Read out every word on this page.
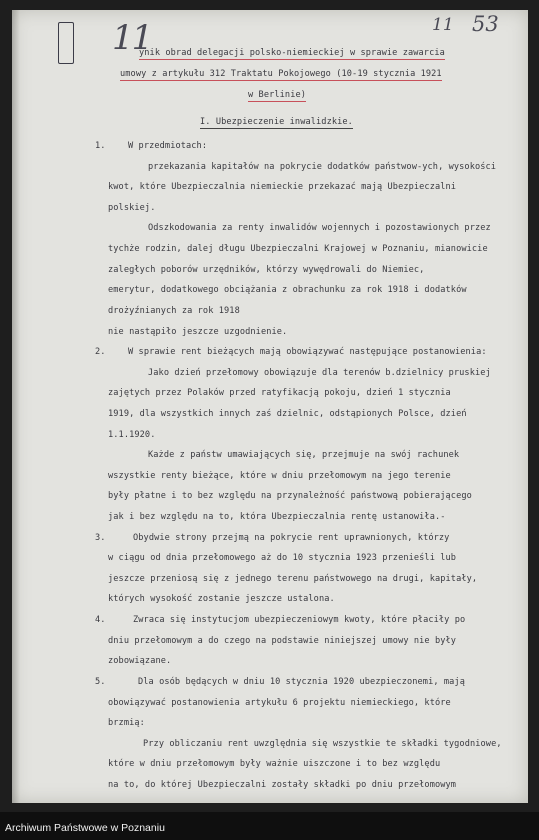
11	11 53
ynik obrad delegacji polsko-niemieckiej w sprawie zawarcia
umowy z artykułu 312 Traktatu Pokojowego (10-19 stycznia 1921
w Berlinie)
I. Ubezpieczenie inwalidzkie.
W przedmiotach:
przekazania kapitałów na pokrycie dodatków państwow-ych, wysokości
kwot, które Ubezpieczalnia niemieckie przekazać mają Ubezpieczalni
polskiej.
Odszkodowania za renty inwalidów wojennych i pozostawionych przez
tychże rodzin, dalej długu Ubezpieczalni Krajowej w Poznaniu, mianowicie
zaległych poborów urzędników, którzy wywędrowali do Niemiec,
emerytur, dodatkowego obciążania z obrachunku za rok 1918 i dodatków
drożyźnianych za rok 1918
nie nastąpiło jeszcze uzgodnienie.
W sprawie rent bieżących mają obowiązywać następujące postanowienia:
Jako dzień przełomowy obowiązuje dla terenów b.dzielnicy pruskiej
zajętych przez Polaków przed ratyfikacją pokoju, dzień 1 stycznia
1919, dla wszystkich innych zaś dzielnic, odstąpionych Polsce, dzień
1.1.1920.
Każde z państw umawiających się, przejmuje na swój rachunek
wszystkie renty bieżące, które w dniu przełomowym na jego terenie
były płatne i to bez względu na przynależność państwową pobierającego
jak i bez względu na to, która Ubezpieczalnia rentę ustanowiła.-
Obydwie strony przejmą na pokrycie rent uprawnionych, którzy
w ciągu od dnia przełomowego aż do 10 stycznia 1923 przenieśli lub
jeszcze przeniosą się z jednego terenu państwowego na drugi, kapitały,
których wysokość zostanie jeszcze ustalona.
Zwraca się instytucjom ubezpieczeniowym kwoty, które płaciły po
dniu przełomowym a do czego na podstawie niniejszej umowy nie były
zobowiązane.
Dla osób będących w dniu 10 stycznia 1920 ubezpieczonemi, mają
obowiązywać postanowienia artykułu 6 projektu niemieckiego, które
brzmią:
Przy obliczaniu rent uwzględnia się wszystkie te składki tygodniowe,
które w dniu przełomowym były ważnie uiszczone i to bez względu
na to, do której Ubezpieczalni zostały składki po dniu przełomowym
1.
2.
3.
4.
5.
Archiwum Państwowe w Poznaniu
